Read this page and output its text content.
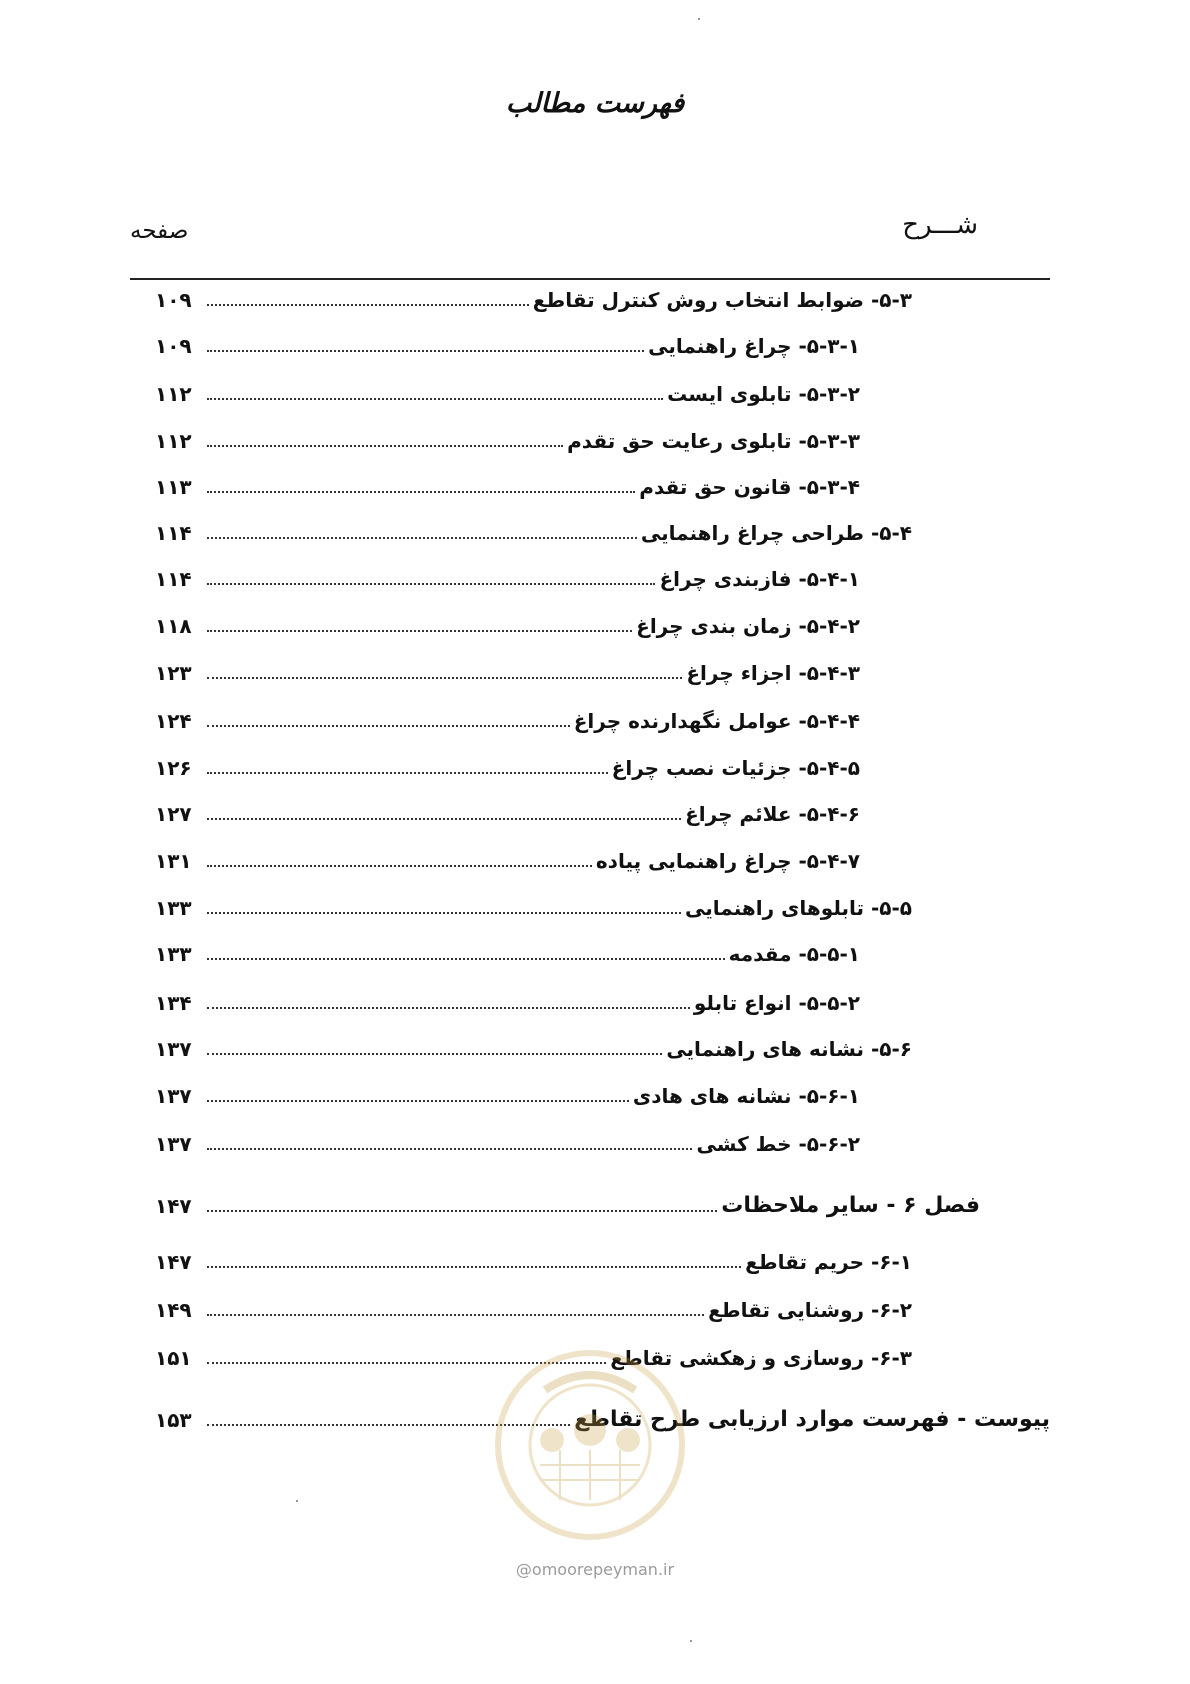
فهرست مطالب
شـــرح
صفحه
۵-۳- ضوابط انتخاب روش کنترل تقاطع
۱۰۹
۵-۳-۱- چراغ راهنمایی
۱۰۹
۵-۳-۲- تابلوی ایست
۱۱۲
۵-۳-۳- تابلوی رعایت حق تقدم
۱۱۲
۵-۳-۴- قانون حق تقدم
۱۱۳
۵-۴- طراحی چراغ راهنمایی
۱۱۴
۵-۴-۱- فازبندی چراغ
۱۱۴
۵-۴-۲- زمان بندی چراغ
۱۱۸
۵-۴-۳- اجزاء چراغ
۱۲۳
۵-۴-۴- عوامل نگهدارنده چراغ
۱۲۴
۵-۴-۵- جزئیات نصب چراغ
۱۲۶
۵-۴-۶- علائم چراغ
۱۲۷
۵-۴-۷- چراغ راهنمایی پیاده
۱۳۱
۵-۵- تابلوهای راهنمایی
۱۳۳
۵-۵-۱- مقدمه
۱۳۳
۵-۵-۲- انواع تابلو
۱۳۴
۵-۶- نشانه های راهنمایی
۱۳۷
۵-۶-۱- نشانه های هادی
۱۳۷
۵-۶-۲- خط کشی
۱۳۷
فصل ۶ - سایر ملاحظات
۱۴۷
۶-۱- حریم تقاطع
۱۴۷
۶-۲- روشنایی تقاطع
۱۴۹
۶-۳- روسازی و زهکشی تقاطع
۱۵۱
پیوست - فهرست موارد ارزیابی طرح تقاطع
۱۵۳
@omoorepeyman.ir
